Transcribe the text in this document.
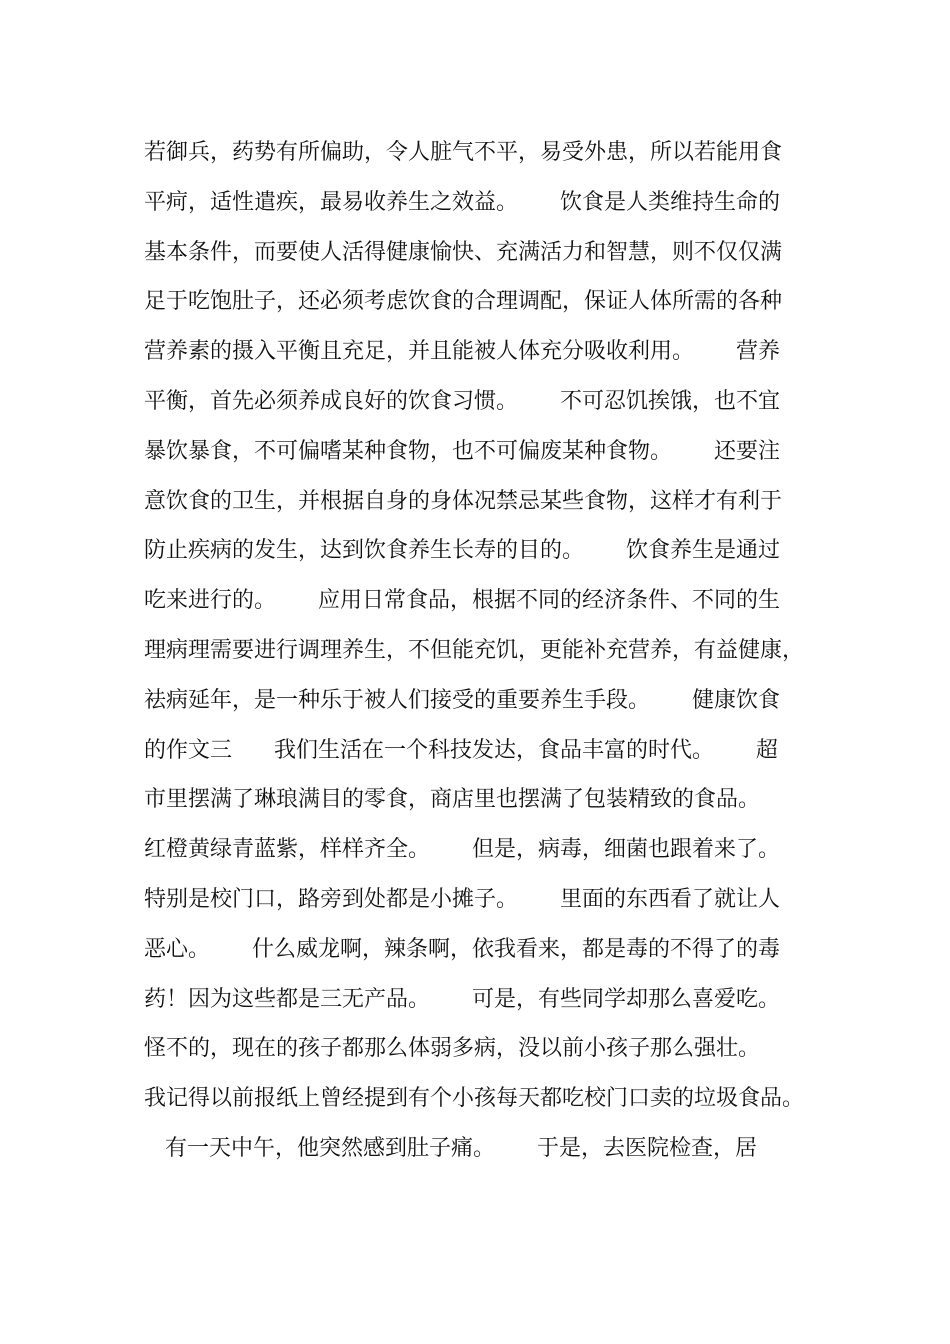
若御兵，药势有所偏助，令人脏气不平，易受外患，所以若能用食
平疴，适性遣疾，最易收养生之效益。      饮食是人类维持生命的
基本条件，而要使人活得健康愉快、充满活力和智慧，则不仅仅满
足于吃饱肚子，还必须考虑饮食的合理调配，保证人体所需的各种
营养素的摄入平衡且充足，并且能被人体充分吸收利用。      营养
平衡，首先必须养成良好的饮食习惯。      不可忍饥挨饿，也不宜
暴饮暴食，不可偏嗜某种食物，也不可偏废某种食物。      还要注
意饮食的卫生，并根据自身的身体况禁忌某些食物，这样才有利于
防止疾病的发生，达到饮食养生长寿的目的。      饮食养生是通过
吃来进行的。      应用日常食品，根据不同的经济条件、不同的生
理病理需要进行调理养生，不但能充饥，更能补充营养，有益健康，
祛病延年，是一种乐于被人们接受的重要养生手段。      健康饮食
的作文三      我们生活在一个科技发达，食品丰富的时代。      超
市里摆满了琳琅满目的零食，商店里也摆满了包装精致的食品。
红橙黄绿青蓝紫，样样齐全。      但是，病毒，细菌也跟着来了。
特别是校门口，路旁到处都是小摊子。      里面的东西看了就让人
恶心。      什么威龙啊，辣条啊，依我看来，都是毒的不得了的毒
药！因为这些都是三无产品。      可是，有些同学却那么喜爱吃。
怪不的，现在的孩子都那么体弱多病，没以前小孩子那么强壮。
我记得以前报纸上曾经提到有个小孩每天都吃校门口卖的垃圾食品。
有一天中午，他突然感到肚子痛。      于是，去医院检查，居
